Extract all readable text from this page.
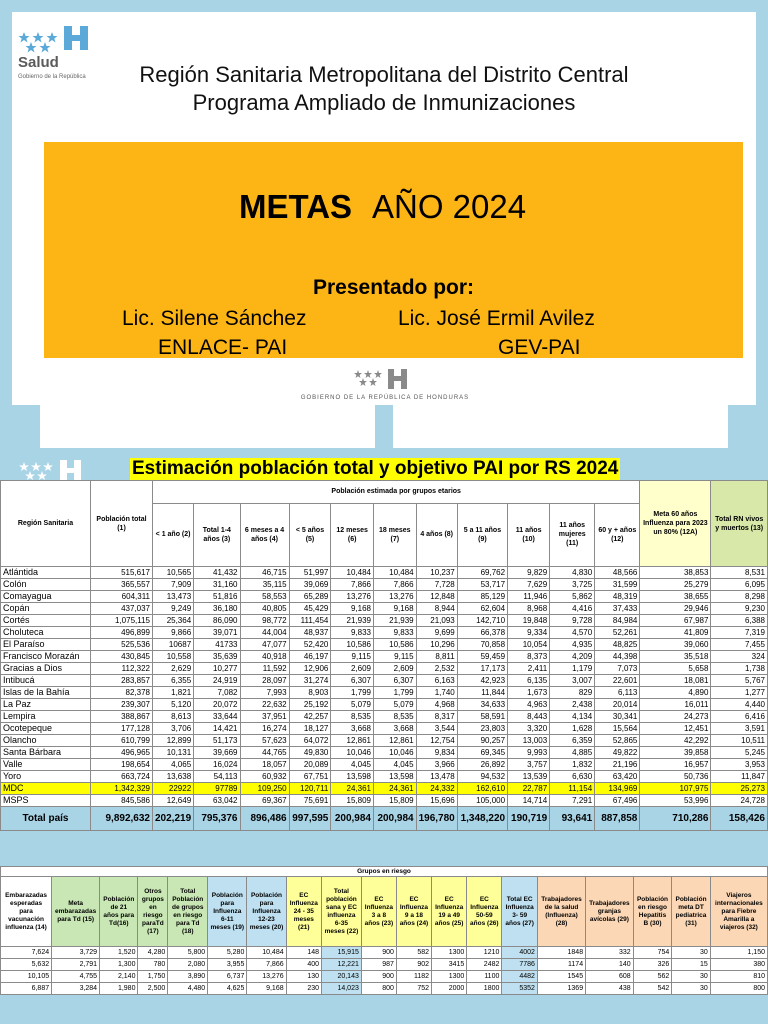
Salud
Gobierno de la República	Región Sanitaria Metropolitana del Distrito Central
Programa Ampliado de Inmunizaciones
METAS AÑO 2024
Presentado por:
Lic. Silene Sánchez
ENLACE- PAI
Lic. José Ermil Avilez
GEV-PAI
GOBIERNO DE LA REPÚBLICA DE HONDURAS
Estimación población total y objetivo PAI por RS 2024
Región Sanitaria	Población total (1)	Población estimada por grupos etarios											Meta 60 años Influenza para 2023 un 80% (12A)	Total RN vivos y muertos (13)
		< 1 año (2)	Total 1-4 años (3)	6 meses a 4 años (4)	< 5 años (5)	12 meses (6)	18 meses (7)	4 años (8)	5 a 11 años (9)	11 años (10)	11 años mujeres (11)	60 y + años (12)		
Atlántida	515,617	10,565	41,432	46,715	51,997	10,484	10,484	10,237	69,762	9,829	4,830	48,566	38,853	8,531
Colón	365,557	7,909	31,160	35,115	39,069	7,866	7,866	7,728	53,717	7,629	3,725	31,599	25,279	6,095
Comayagua	604,311	13,473	51,816	58,553	65,289	13,276	13,276	12,848	85,129	11,946	5,862	48,319	38,655	8,298
Copán	437,037	9,249	36,180	40,805	45,429	9,168	9,168	8,944	62,604	8,968	4,416	37,433	29,946	9,230
Cortés	1,075,115	25,364	86,090	98,772	111,454	21,939	21,939	21,093	142,710	19,848	9,728	84,984	67,987	6,388
Choluteca	496,899	9,866	39,071	44,004	48,937	9,833	9,833	9,699	66,378	9,334	4,570	52,261	41,809	7,319
El Paraíso	525,536	10687	41733	47,077	52,420	10,586	10,586	10,296	70,858	10,054	4,935	48,825	39,060	7,455
Francisco Morazán	430,845	10,558	35,639	40,918	46,197	9,115	9,115	8,811	59,459	8,373	4,209	44,398	35,518	324
Gracias a Dios	112,322	2,629	10,277	11,592	12,906	2,609	2,609	2,532	17,173	2,411	1,179	7,073	5,658	1,738
Intibucá	283,857	6,355	24,919	28,097	31,274	6,307	6,307	6,163	42,923	6,135	3,007	22,601	18,081	5,767
Islas de la Bahía	82,378	1,821	7,082	7,993	8,903	1,799	1,799	1,740	11,844	1,673	829	6,113	4,890	1,277
La Paz	239,307	5,120	20,072	22,632	25,192	5,079	5,079	4,968	34,633	4,963	2,438	20,014	16,011	4,440
Lempira	388,867	8,613	33,644	37,951	42,257	8,535	8,535	8,317	58,591	8,443	4,134	30,341	24,273	6,416
Ocotepeque	177,128	3,706	14,421	16,274	18,127	3,668	3,668	3,544	23,803	3,320	1,628	15,564	12,451	3,591
Olancho	610,799	12,899	51,173	57,623	64,072	12,861	12,861	12,754	90,257	13,003	6,359	52,865	42,292	10,511
Santa Bárbara	496,965	10,131	39,669	44,765	49,830	10,046	10,046	9,834	69,345	9,993	4,885	49,822	39,858	5,245
Valle	198,654	4,065	16,024	18,057	20,089	4,045	4,045	3,966	26,892	3,757	1,832	21,196	16,957	3,953
Yoro	663,724	13,638	54,113	60,932	67,751	13,598	13,598	13,478	94,532	13,539	6,630	63,420	50,736	11,847
MDC	1,342,329	22922	97789	109,250	120,711	24,361	24,361	24,332	162,610	22,787	11,154	134,969	107,975	25,273
MSPS	845,586	12,649	63,042	69,367	75,691	15,809	15,809	15,696	105,000	14,714	7,291	67,496	53,996	24,728
Total país	9,892,632	202,219	795,376	896,486	997,595	200,984	200,984	196,780	1,348,220	190,719	93,641	887,858	710,286	158,426
Grupos en riesgo																		
Embarazadas esperadas para vacunación influenza (14)	Meta embarazadas para Td (15)	Población de 21 años para Td(16)	Otros grupos en riesgo paraTd (17)	Total Población de grupos en riesgo para Td (18)	Población para Influenza 6-11 meses (19)	Población para Influenza 12-23 meses (20)	EC Influenza 24 - 35 meses (21)	Total población sana y EC influenza 6-35 meses (22)	EC Influenza 3 a 8 años (23)	EC Influenza 9 a 18 años (24)	EC Influenza 19 a 49 años (25)	EC Influenza 50-59 años (26)	Total EC Influenza 3- 59 años (27)	Trabajadores de la salud (Influenza) (28)	Trabajadores granjas avícolas (29)	Población en riesgo Hepatitis B (30)	Población meta DT pediatrica (31)	Viajeros internacionales para Fiebre Amarilla a viajeros (32)
7,624	3,729	1,520	4,280	5,800	5,280	10,484	148	15,915	900	582	1300	1210	4002	1848	332	754	30	1,150
5,632	2,791	1,300	780	2,080	3,955	7,866	400	12,221	987	902	3415	2482	7786	1174	140	326	15	380
10,105	4,755	2,140	1,750	3,890	6,737	13,276	130	20,143	900	1182	1300	1100	4482	1545	608	562	30	810
6,887	3,284	1,980	2,500	4,480	4,625	9,168	230	14,023	800	752	2000	1800	5352	1369	438	542	30	800
